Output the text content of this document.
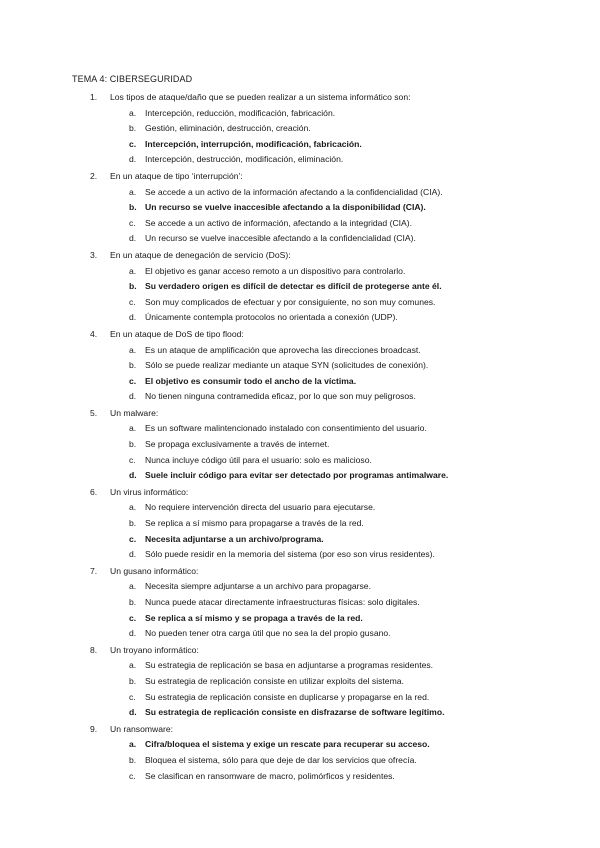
TEMA 4: CIBERSEGURIDAD
1.	Los tipos de ataque/daño que se pueden realizar a un sistema informático son:
a.	Intercepción, reducción, modificación, fabricación.
b.	Gestión, eliminación, destrucción, creación.
c.	Intercepción, interrupción, modificación, fabricación.
d.	Intercepción, destrucción, modificación, eliminación.
2.	En un ataque de tipo ‘interrupción’:
a.	Se accede a un activo de la información afectando a la confidencialidad (CIA).
b. Un recurso se vuelve inaccesible afectando a la disponibilidad (CIA).
c.	Se accede a un activo de información, afectando a la integridad (CIA).
d.	Un recurso se vuelve inaccesible afectando a la confidencialidad (CIA).
3.	En un ataque de denegación de servicio (DoS):
a.	El objetivo es ganar acceso remoto a un dispositivo para controlarlo.
b. Su verdadero origen es difícil de detectar es difícil de protegerse ante él.
c.	Son muy complicados de efectuar y por consiguiente, no son muy comunes.
d.	Únicamente contempla protocolos no orientada a conexión (UDP).
4.	En un ataque de DoS de tipo flood:
a.	Es un ataque de amplificación que aprovecha las direcciones broadcast.
b.	Sólo se puede realizar mediante un ataque SYN (solicitudes de conexión).
c.	El objetivo es consumir todo el ancho de la víctima.
d.	No tienen ninguna contramedida eficaz, por lo que son muy peligrosos.
5.	Un malware:
a.	Es un software malintencionado instalado con consentimiento del usuario.
b.	Se propaga exclusivamente a través de internet.
c.	Nunca incluye código útil para el usuario: solo es malicioso.
d. Suele incluir código para evitar ser detectado por programas antimalware.
6.	Un virus informático:
a.	No requiere intervención directa del usuario para ejecutarse.
b.	Se replica a sí mismo para propagarse a través de la red.
c.	Necesita adjuntarse a un archivo/programa.
d.	Sólo puede residir en la memoria del sistema (por eso son virus residentes).
7.	Un gusano informático:
a.	Necesita siempre adjuntarse a un archivo para propagarse.
b.	Nunca puede atacar directamente infraestructuras físicas: solo digitales.
c.	Se replica a sí mismo y se propaga a través de la red.
d.	No pueden tener otra carga útil que no sea la del propio gusano.
8.	Un troyano informático:
a.	Su estrategia de replicación se basa en adjuntarse a programas residentes.
b.	Su estrategia de replicación consiste en utilizar exploits del sistema.
c.	Su estrategia de replicación consiste en duplicarse y propagarse en la red.
d. Su estrategia de replicación consiste en disfrazarse de software legítimo.
9.	Un ransomware:
a.	Cifra/bloquea el sistema y exige un rescate para recuperar su acceso.
b.	Bloquea el sistema, sólo para que deje de dar los servicios que ofrecía.
c.	Se clasifican en ransomware de macro, polimórficos y residentes.
